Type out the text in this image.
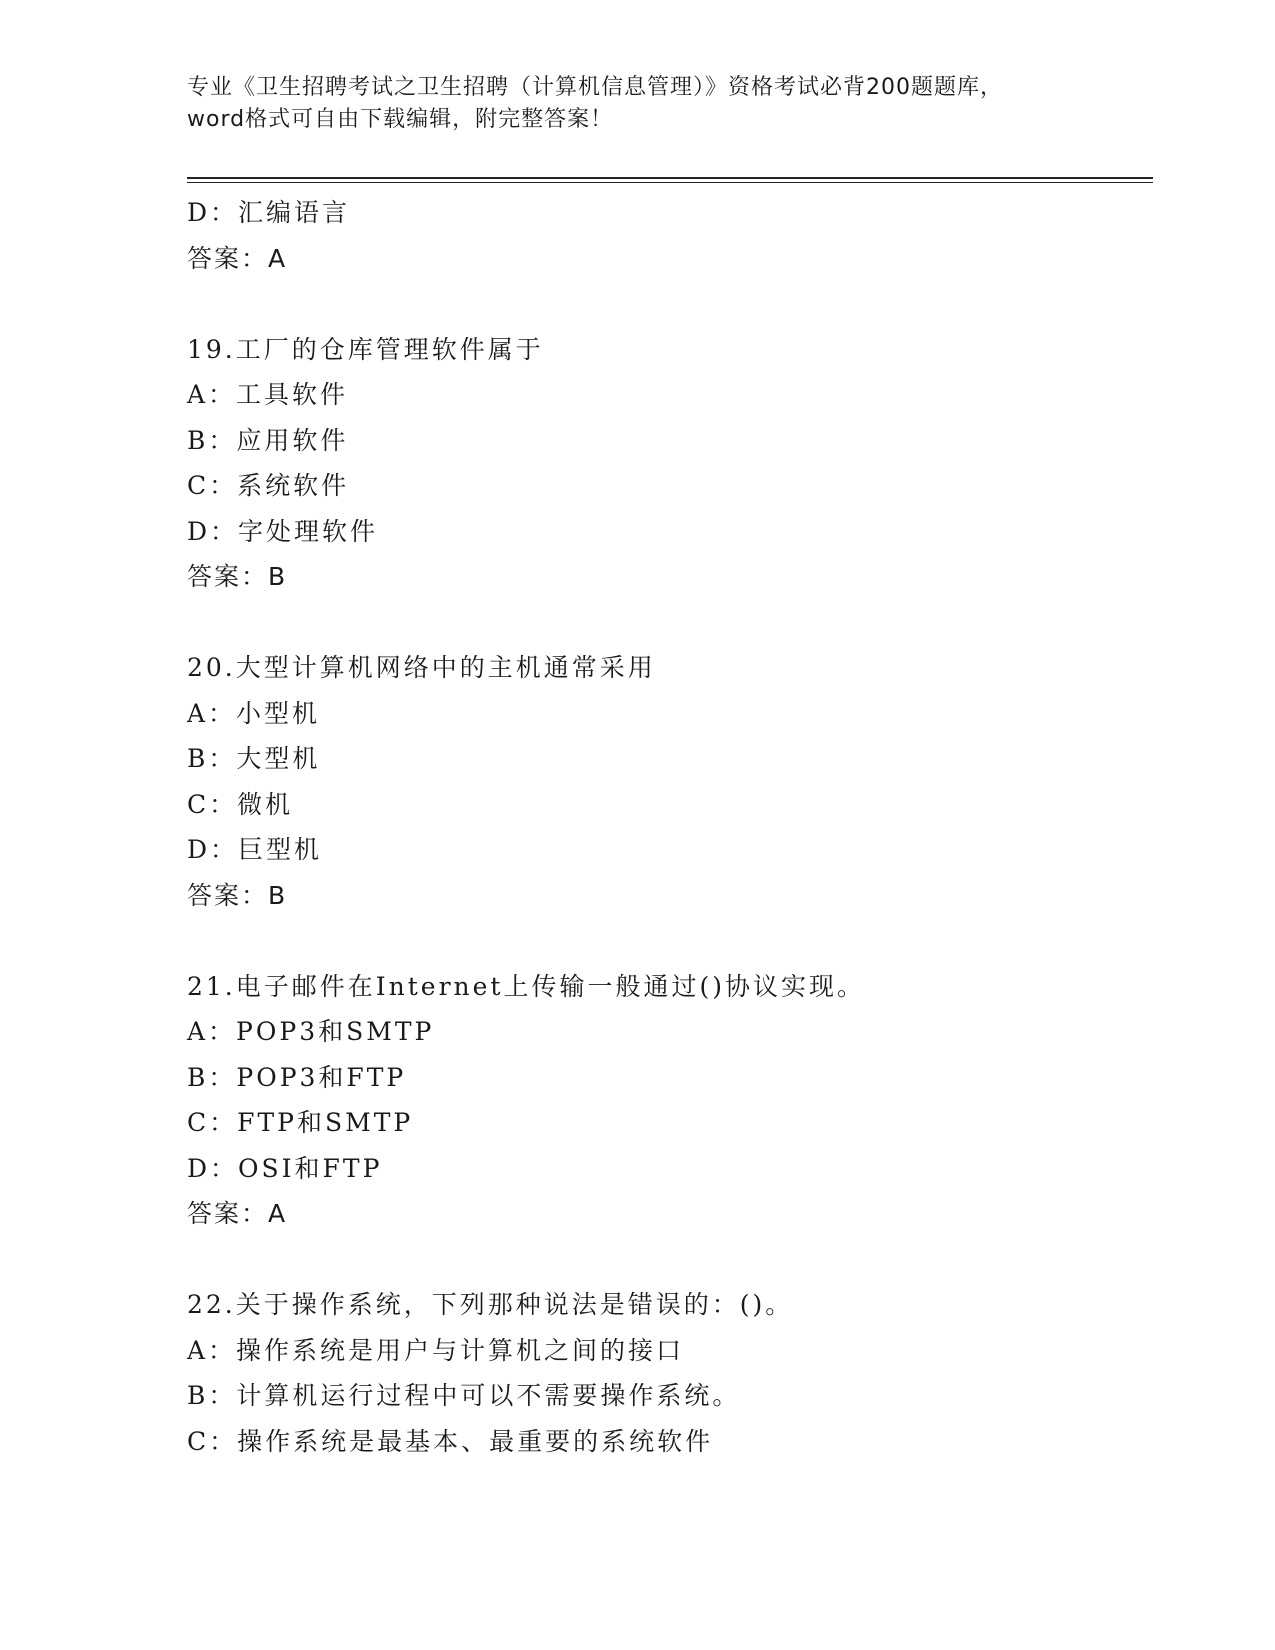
专业《卫生招聘考试之卫生招聘（计算机信息管理）》资格考试必背200题题库，
word格式可自由下载编辑，附完整答案！
D：汇编语言
答案：A
19.工厂的仓库管理软件属于
A：工具软件
B：应用软件
C：系统软件
D：字处理软件
答案：B
20.大型计算机网络中的主机通常采用
A：小型机
B：大型机
C：微机
D：巨型机
答案：B
21.电子邮件在Internet上传输一般通过()协议实现。
A：POP3和SMTP
B：POP3和FTP
C：FTP和SMTP
D：OSI和FTP
答案：A
22.关于操作系统，下列那种说法是错误的：()。
A：操作系统是用户与计算机之间的接口
B：计算机运行过程中可以不需要操作系统。
C：操作系统是最基本、最重要的系统软件
